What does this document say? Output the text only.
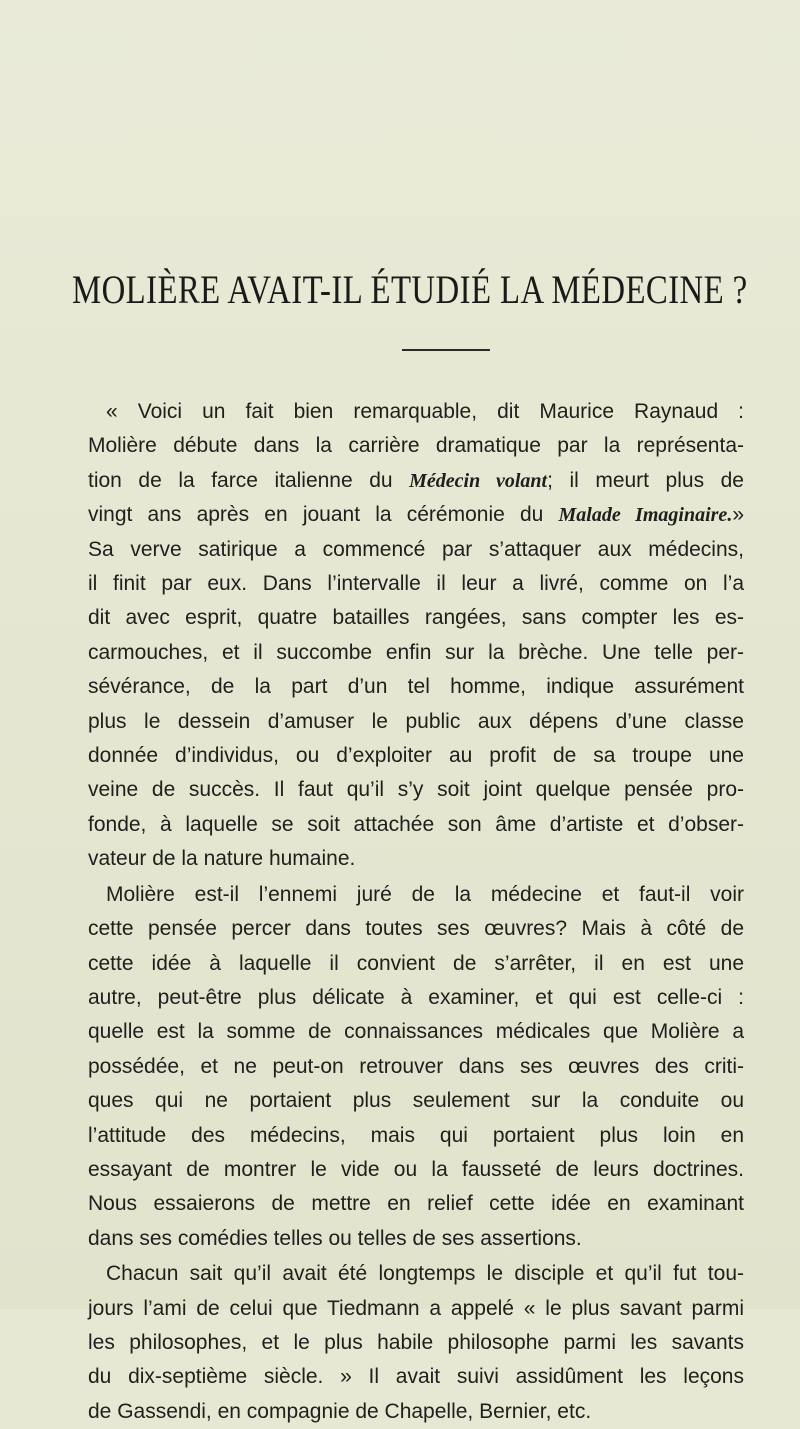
MOLIÈRE AVAIT-IL ÉTUDIÉ LA MÉDECINE ?

« Voici un fait bien remarquable, dit Maurice Raynaud :
Molière débute dans la carrière dramatique par la représenta-
tion de la farce italienne du Médecin volant; il meurt plus de
vingt ans après en jouant la cérémonie du Malade Imaginaire.»
Sa verve satirique a commencé par s’attaquer aux médecins,
il finit par eux. Dans l’intervalle il leur a livré, comme on l’a
dit avec esprit, quatre batailles rangées, sans compter les es-
carmouches, et il succombe enfin sur la brèche. Une telle per-
sévérance, de la part d’un tel homme, indique assurément
plus le dessein d’amuser le public aux dépens d’une classe
donnée d’individus, ou d’exploiter au profit de sa troupe une
veine de succès. Il faut qu’il s’y soit joint quelque pensée pro-
fonde, à laquelle se soit attachée son âme d’artiste et d’obser-
vateur de la nature humaine.

Molière est-il l’ennemi juré de la médecine et faut-il voir
cette pensée percer dans toutes ses œuvres? Mais à côté de
cette idée à laquelle il convient de s’arrêter, il en est une
autre, peut-être plus délicate à examiner, et qui est celle-ci :
quelle est la somme de connaissances médicales que Molière a
possédée, et ne peut-on retrouver dans ses œuvres des criti-
ques qui ne portaient plus seulement sur la conduite ou
l’attitude des médecins, mais qui portaient plus loin en
essayant de montrer le vide ou la fausseté de leurs doctrines.
Nous essaierons de mettre en relief cette idée en examinant
dans ses comédies telles ou telles de ses assertions.

Chacun sait qu’il avait été longtemps le disciple et qu’il fut tou-
jours l’ami de celui que Tiedmann a appelé « le plus savant parmi
les philosophes, et le plus habile philosophe parmi les savants
du dix-septième siècle. » Il avait suivi assidûment les leçons
de Gassendi, en compagnie de Chapelle, Bernier, etc.
